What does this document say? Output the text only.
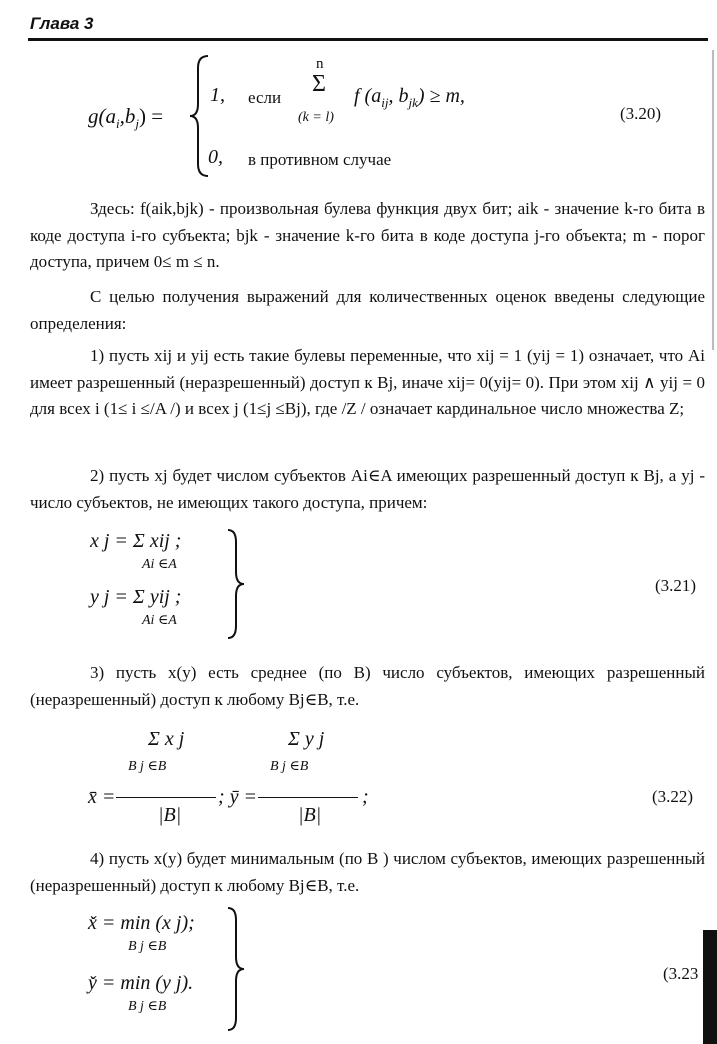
Глава 3
$g(a_i,b_j)$ =
1, если
n
Σ
(k = l)
f ($a_{ij}$, $b_{jk}) \ge m$,
0, в противном случае
(3.20)
Здесь: f(aik,bjk) - произвольная булева функция двух бит; aik - значение k-го бита в коде доступа i-го субъекта; bjk - значение k-го бита в коде доступа j-го объекта; m - порог доступа, причем 0≤ m ≤ n.
С целью получения выражений для количественных оценок введены следующие определения:
1) пусть xij и yij есть такие булевы переменные, что xij = 1 (yij = 1) означает, что Ai имеет разрешенный (неразрешенный) доступ к Bj, иначе xij= 0(yij= 0). При этом xij ∧ yij = 0 для всех i (1≤ i ≤/A /) и всех j (1≤j ≤Bj), где /Z / означает кардинальное число множества Z;
2) пусть xj будет числом субъектов Ai∈A имеющих разрешенный доступ к Bj, а yj - число субъектов, не имеющих такого доступа, причем:
x j = Σ xij ;
Ai ∈A
y j = Σ yij ;
Ai ∈A
(3.21)
3) пусть x(y) есть среднее (по B) число субъектов, имеющих разрешенный (неразрешенный) доступ к любому Bj∈B, т.е.
Σ x j
B j ∈B
Σ y j
B j ∈B
x̄ =	; ȳ =	;
|B|	|B|
(3.22)
4) пусть x(y) будет минимальным (по B ) числом субъектов, имеющих разрешенный (неразрешенный) доступ к любому Bj∈B, т.е.
x̌ = min (x j);
B j ∈B
y̌ = min (y j).
B j ∈B
(3.23
